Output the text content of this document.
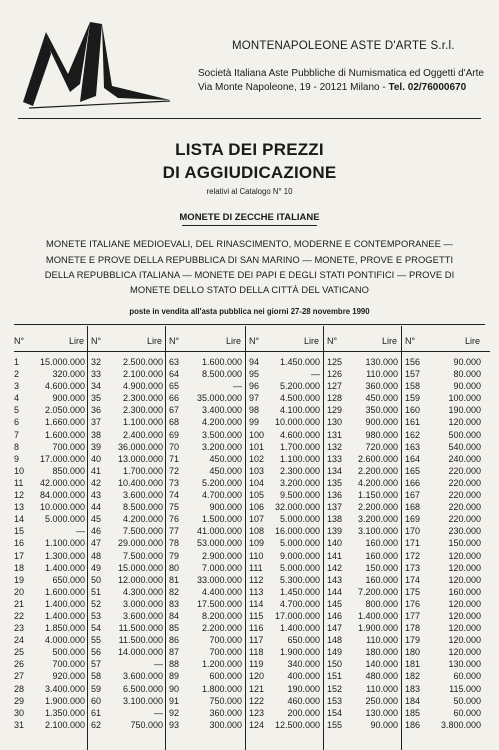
MONTENAPOLEONE ASTE D'ARTE S.r.l.
Società Italiana Aste Pubbliche di Numismatica ed Oggetti d'Arte
Via Monte Napoleone, 19 - 20121 Milano - Tel. 02/76000670
LISTA DEI PREZZI
DI AGGIUDICAZIONE
relativi al Catalogo N° 10
MONETE DI ZECCHE ITALIANE
MONETE ITALIANE MEDIOEVALI, DEL RINASCIMENTO, MODERNE E CONTEMPORANEE —
MONETE E PROVE DELLA REPUBBLICA DI SAN MARINO — MONETE, PROVE E PROGETTI
DELLA REPUBBLICA ITALIANA — MONETE DEI PAPI E DEGLI STATI PONTIFICI — PROVE DI
MONETE DELLO STATO DELLA CITTÀ DEL VATICANO
poste in vendita all'asta pubblica nei giorni 27-28 novembre 1990
N°	Lire
1 15.000.000
2	320.000
3	4.600.000
4	900.000
5	2.050.000
6	1.660.000
7	1.600.000
8	700.000
9 17.000.000
10	850.000
11 42.000.000
12 84.000.000
13 10.000.000
14 5.000.000
15	—
16 1.100.000
17 1.300.000
18 1.400.000
19	650.000
20 1.600.000
21 1.400.000
22 1.400.000
23 1.850.000
24 4.000.000
25	500.000
26	700.000
27	920.000
28 3.400.000
29 1.900.000
30 1.350.000
31 2.100.000
N°	Lire
32 2.500.000
33 2.100.000
34 4.900.000
35 2.300.000
36 2.300.000
37 1.100.000
38 2.400.000
39 36.000.000
40 13.000.000
41 1.700.000
42 10.400.000
43 3.600.000
44 8.500.000
45 4.200.000
46 7.500.000
47 29.000.000
48 7.500.000
49 15.000.000
50 12.000.000
51 4.300.000
52 3.000.000
53 3.600.000
54 11.500.000
55 11.500.000
56 14.000.000
57	—
58 3.600.000
59 6.500.000
60 3.100.000
61	—
62	750.000
N°	Lire
63	1.600.000
64	8.500.000
65	—
66 35.000.000
67	3.400.000
68	4.200.000
69	3.500.000
70	3.200.000
71	450.000
72	450.000
73	5.200.000
74	4.700.000
75	900.000
76	1.500.000
77 41.000.000
78 53.000.000
79	2.900.000
80	7.000.000
81 33.000.000
82	4.400.000
83 17.500.000
84	8.200.000
85	2.200.000
86	700.000
87	700.000
88	1.200.000
89	600.000
90	1.800.000
91	750.000
92	360.000
93	300.000
N°	Lire
94 1.450.000
95	—
96 5.200.000
97 4.500.000
98 4.100.000
99 10.000.000
100 4.600.000
101 1.700.000
102 1.100.000
103 2.300.000
104 3.200.000
105 9.500.000
106 32.000.000
107 5.000.000
108 16.000.000
109 5.000.000
110 9.000.000
111 5.000.000
112 5.300.000
113 1.450.000
114 4.700.000
115 17.000.000
116 1.400.000
117	650.000
118 1.900.000
119	340.000
120	400.000
121	190.000
122	460.000
123	200.000
124 12.500.000
N°	Lire
125	130.000
126	110.000
127	360.000
128	450.000
129	350.000
130	900.000
131	980.000
132	720.000
133 2.600.000
134 2.200.000
135 4.200.000
136 1.150.000
137 2.200.000
138 3.200.000
139 3.100.000
140	160.000
141	160.000
142	150.000
143	160.000
144 7.200.000
145	800.000
146 1.400.000
147 1.900.000
148	110.000
149	180.000
150	140.000
151	480.000
152	110.000
153	250.000
154	130.000
155	90.000
N°	Lire
156	90.000
157	80.000
158	90.000
159	100.000
160	190.000
161	120.000
162	500.000
163	540.000
164	240.000
165	220.000
166	220.000
167	220.000
168	220.000
169	220.000
170	230.000
171	150.000
172	120.000
173	120.000
174	120.000
175	160.000
176	120.000
177	120.000
178	120.000
179	120.000
180	120.000
181	130.000
182	60.000
183	115.000
184	50.000
185	60.000
186 3.800.000
